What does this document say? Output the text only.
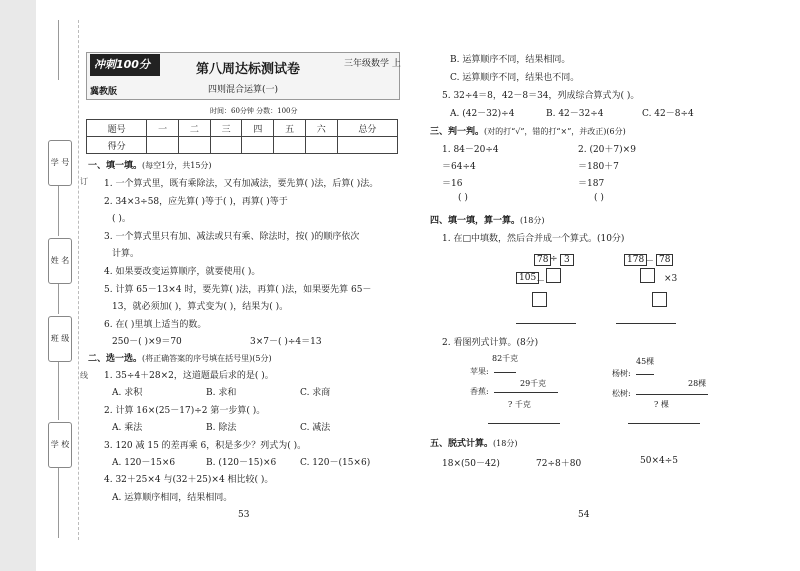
学 号
姓 名
班 级
学 校
订
线
冲刺100分
冀教版
第八周达标测试卷	三年级数学 上
四则混合运算(一)
时间：60分钟 分数：100分
题号	一	二	三	四	五	六	总分
得分							
一、填一填。(每空1分，共15分)
1. 一个算式里，既有乘除法，又有加减法，要先算( )法，后算( )法。
2. 34×3÷58，应先算( )等于( )，再算( )等于
( )。
3. 一个算式里只有加、减法或只有乘、除法时，按( )的顺序依次
计算。
4. 如果要改变运算顺序，就要使用( )。
5. 计算 65－13×4 时，要先算( )法，再算( )法，如果要先算 65－
13，就必须加( )，算式变为( )，结果为( )。
6. 在( )里填上适当的数。
250－( )×9＝70	3×7－( )÷4＝13
二、选一选。(将正确答案的序号填在括号里)(5分)
1. 35÷4＋28×2，这道题最后求的是( )。
A. 求积	B. 求和	C. 求商
2. 计算 16×(25－17)÷2 第一步算( )。
A. 乘法	B. 除法	C. 减法
3. 120 减 15 的差再乘 6，积是多少？列式为( )。
A. 120－15×6	B. (120－15)×6	C. 120－(15×6)
4. 32＋25×4 与(32＋25)×4 相比较( )。
A. 运算顺序相同，结果相同。
53
B. 运算顺序不同，结果相同。
C. 运算顺序不同，结果也不同。
5. 32÷4＝8，42－8＝34，列成综合算式为( )。
A. (42－32)÷4	B. 42－32÷4	C. 42－8÷4
三、判一判。(对的打“√”，错的打“×”，并改正)(6分)
1. 84－20÷4
＝64÷4
＝16
( )
2. (20＋7)×9
＝180＋7
＝187
( )
四、填一填，算一算。(18分)
1. 在□中填数，然后合并成一个算式。(10分)
78 ÷ 3
105 －
178 － 78
×3
2. 看图列式计算。(8分)
82千克
苹果:
香蕉:
29千克
? 千克
45棵
杨树:
松树:
28棵
? 棵
五、脱式计算。(18分)
18×(50－42)	72÷8＋80	50×4÷5
54
